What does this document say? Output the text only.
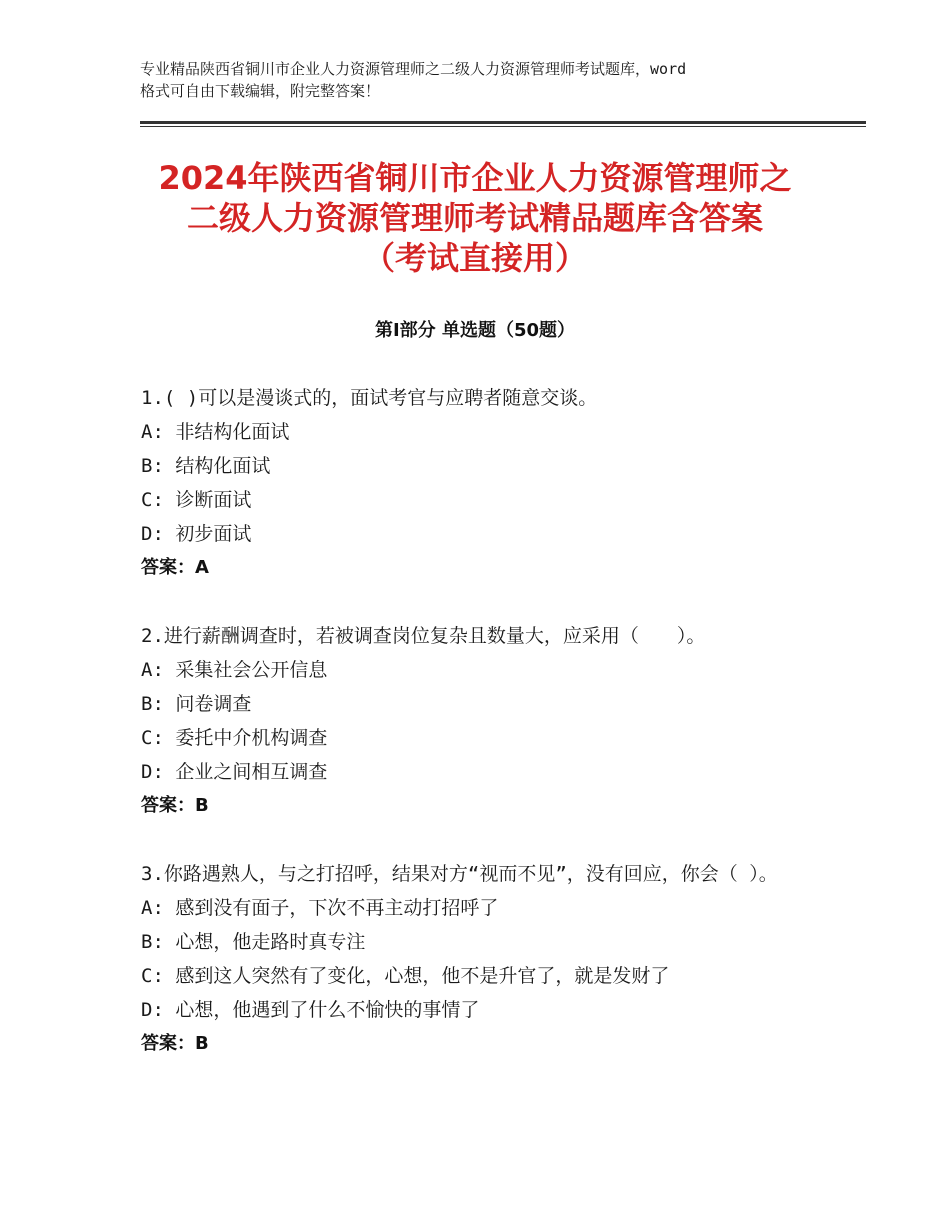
专业精品陕西省铜川市企业人力资源管理师之二级人力资源管理师考试题库，word
格式可自由下载编辑，附完整答案！
2024年陕西省铜川市企业人力资源管理师之
二级人力资源管理师考试精品题库含答案
（考试直接用）
第Ⅰ部分 单选题（50题）
1.( )可以是漫谈式的，面试考官与应聘者随意交谈。
A: 非结构化面试
B: 结构化面试
C: 诊断面试
D: 初步面试
答案：A
2.进行薪酬调查时，若被调查岗位复杂且数量大，应采用（　　）。
A: 采集社会公开信息
B: 问卷调查
C: 委托中介机构调查
D: 企业之间相互调查
答案：B
3.你路遇熟人，与之打招呼，结果对方“视而不见”，没有回应，你会（ ）。
A: 感到没有面子，下次不再主动打招呼了
B: 心想，他走路时真专注
C: 感到这人突然有了变化，心想，他不是升官了，就是发财了
D: 心想，他遇到了什么不愉快的事情了
答案：B
